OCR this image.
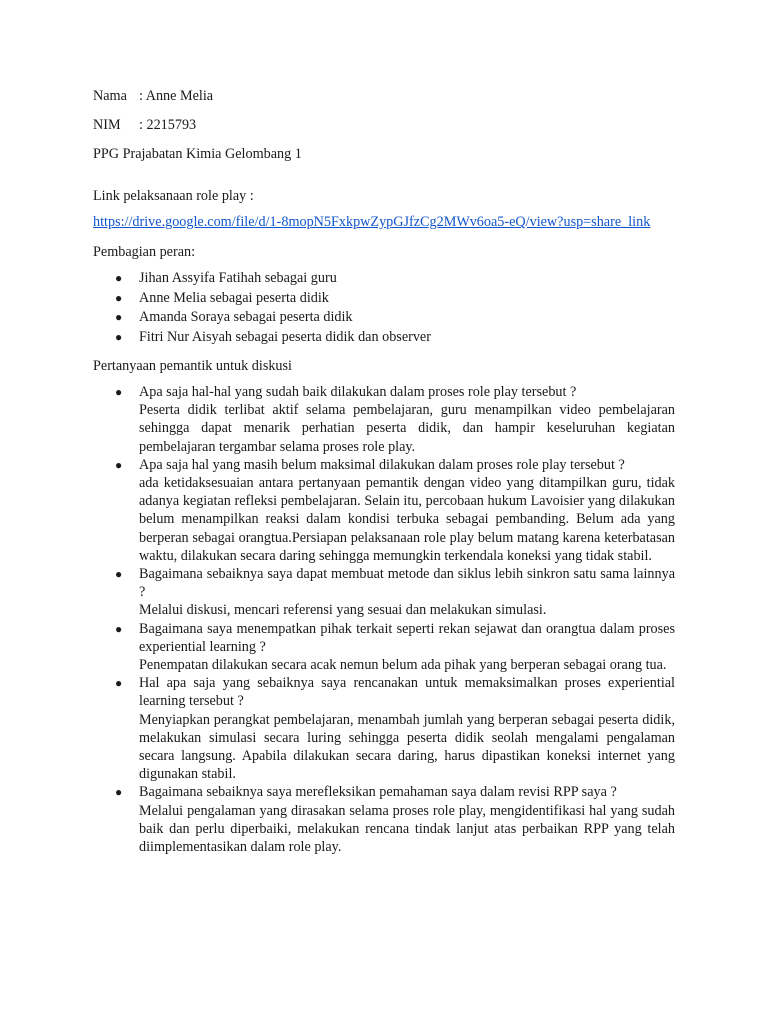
Nama : Anne Melia

NIM : 2215793

PPG Prajabatan Kimia Gelombang 1

Link pelaksanaan role play :

https://drive.google.com/file/d/1-8mopN5FxkpwZypGJfzCg2MWv6oa5-eQ/view?usp=share_link

Pembagian peran:

● Jihan Assyifa Fatihah sebagai guru
● Anne Melia sebagai peserta didik
● Amanda Soraya sebagai peserta didik
● Fitri Nur Aisyah sebagai peserta didik dan observer

Pertanyaan pemantik untuk diskusi

● Apa saja hal-hal yang sudah baik dilakukan dalam proses role play tersebut ?
Peserta didik terlibat aktif selama pembelajaran, guru menampilkan video pembelajaran sehingga dapat menarik perhatian peserta didik, dan hampir keseluruhan kegiatan pembelajaran tergambar selama proses role play.
● Apa saja hal yang masih belum maksimal dilakukan dalam proses role play tersebut ?
ada ketidaksesuaian antara pertanyaan pemantik dengan video yang ditampilkan guru, tidak adanya kegiatan refleksi pembelajaran. Selain itu, percobaan hukum Lavoisier yang dilakukan belum menampilkan reaksi dalam kondisi terbuka sebagai pembanding. Belum ada yang berperan sebagai orangtua.Persiapan pelaksanaan role play belum matang karena keterbatasan waktu, dilakukan secara daring sehingga memungkin terkendala koneksi yang tidak stabil.
● Bagaimana sebaiknya saya dapat membuat metode dan siklus lebih sinkron satu sama lainnya ?
Melalui diskusi, mencari referensi yang sesuai dan melakukan simulasi.
● Bagaimana saya menempatkan pihak terkait seperti rekan sejawat dan orangtua dalam proses experiential learning ?
Penempatan dilakukan secara acak nemun belum ada pihak yang berperan sebagai orang tua.
● Hal apa saja yang sebaiknya saya rencanakan untuk memaksimalkan proses experiential learning tersebut ?
Menyiapkan perangkat pembelajaran, menambah jumlah yang berperan sebagai peserta didik, melakukan simulasi secara luring sehingga peserta didik seolah mengalami pengalaman secara langsung. Apabila dilakukan secara daring, harus dipastikan koneksi internet yang digunakan stabil.
● Bagaimana sebaiknya saya merefleksikan pemahaman saya dalam revisi RPP saya ?
Melalui pengalaman yang dirasakan selama proses role play, mengidentifikasi hal yang sudah baik dan perlu diperbaiki, melakukan rencana tindak lanjut atas perbaikan RPP yang telah diimplementasikan dalam role play.
